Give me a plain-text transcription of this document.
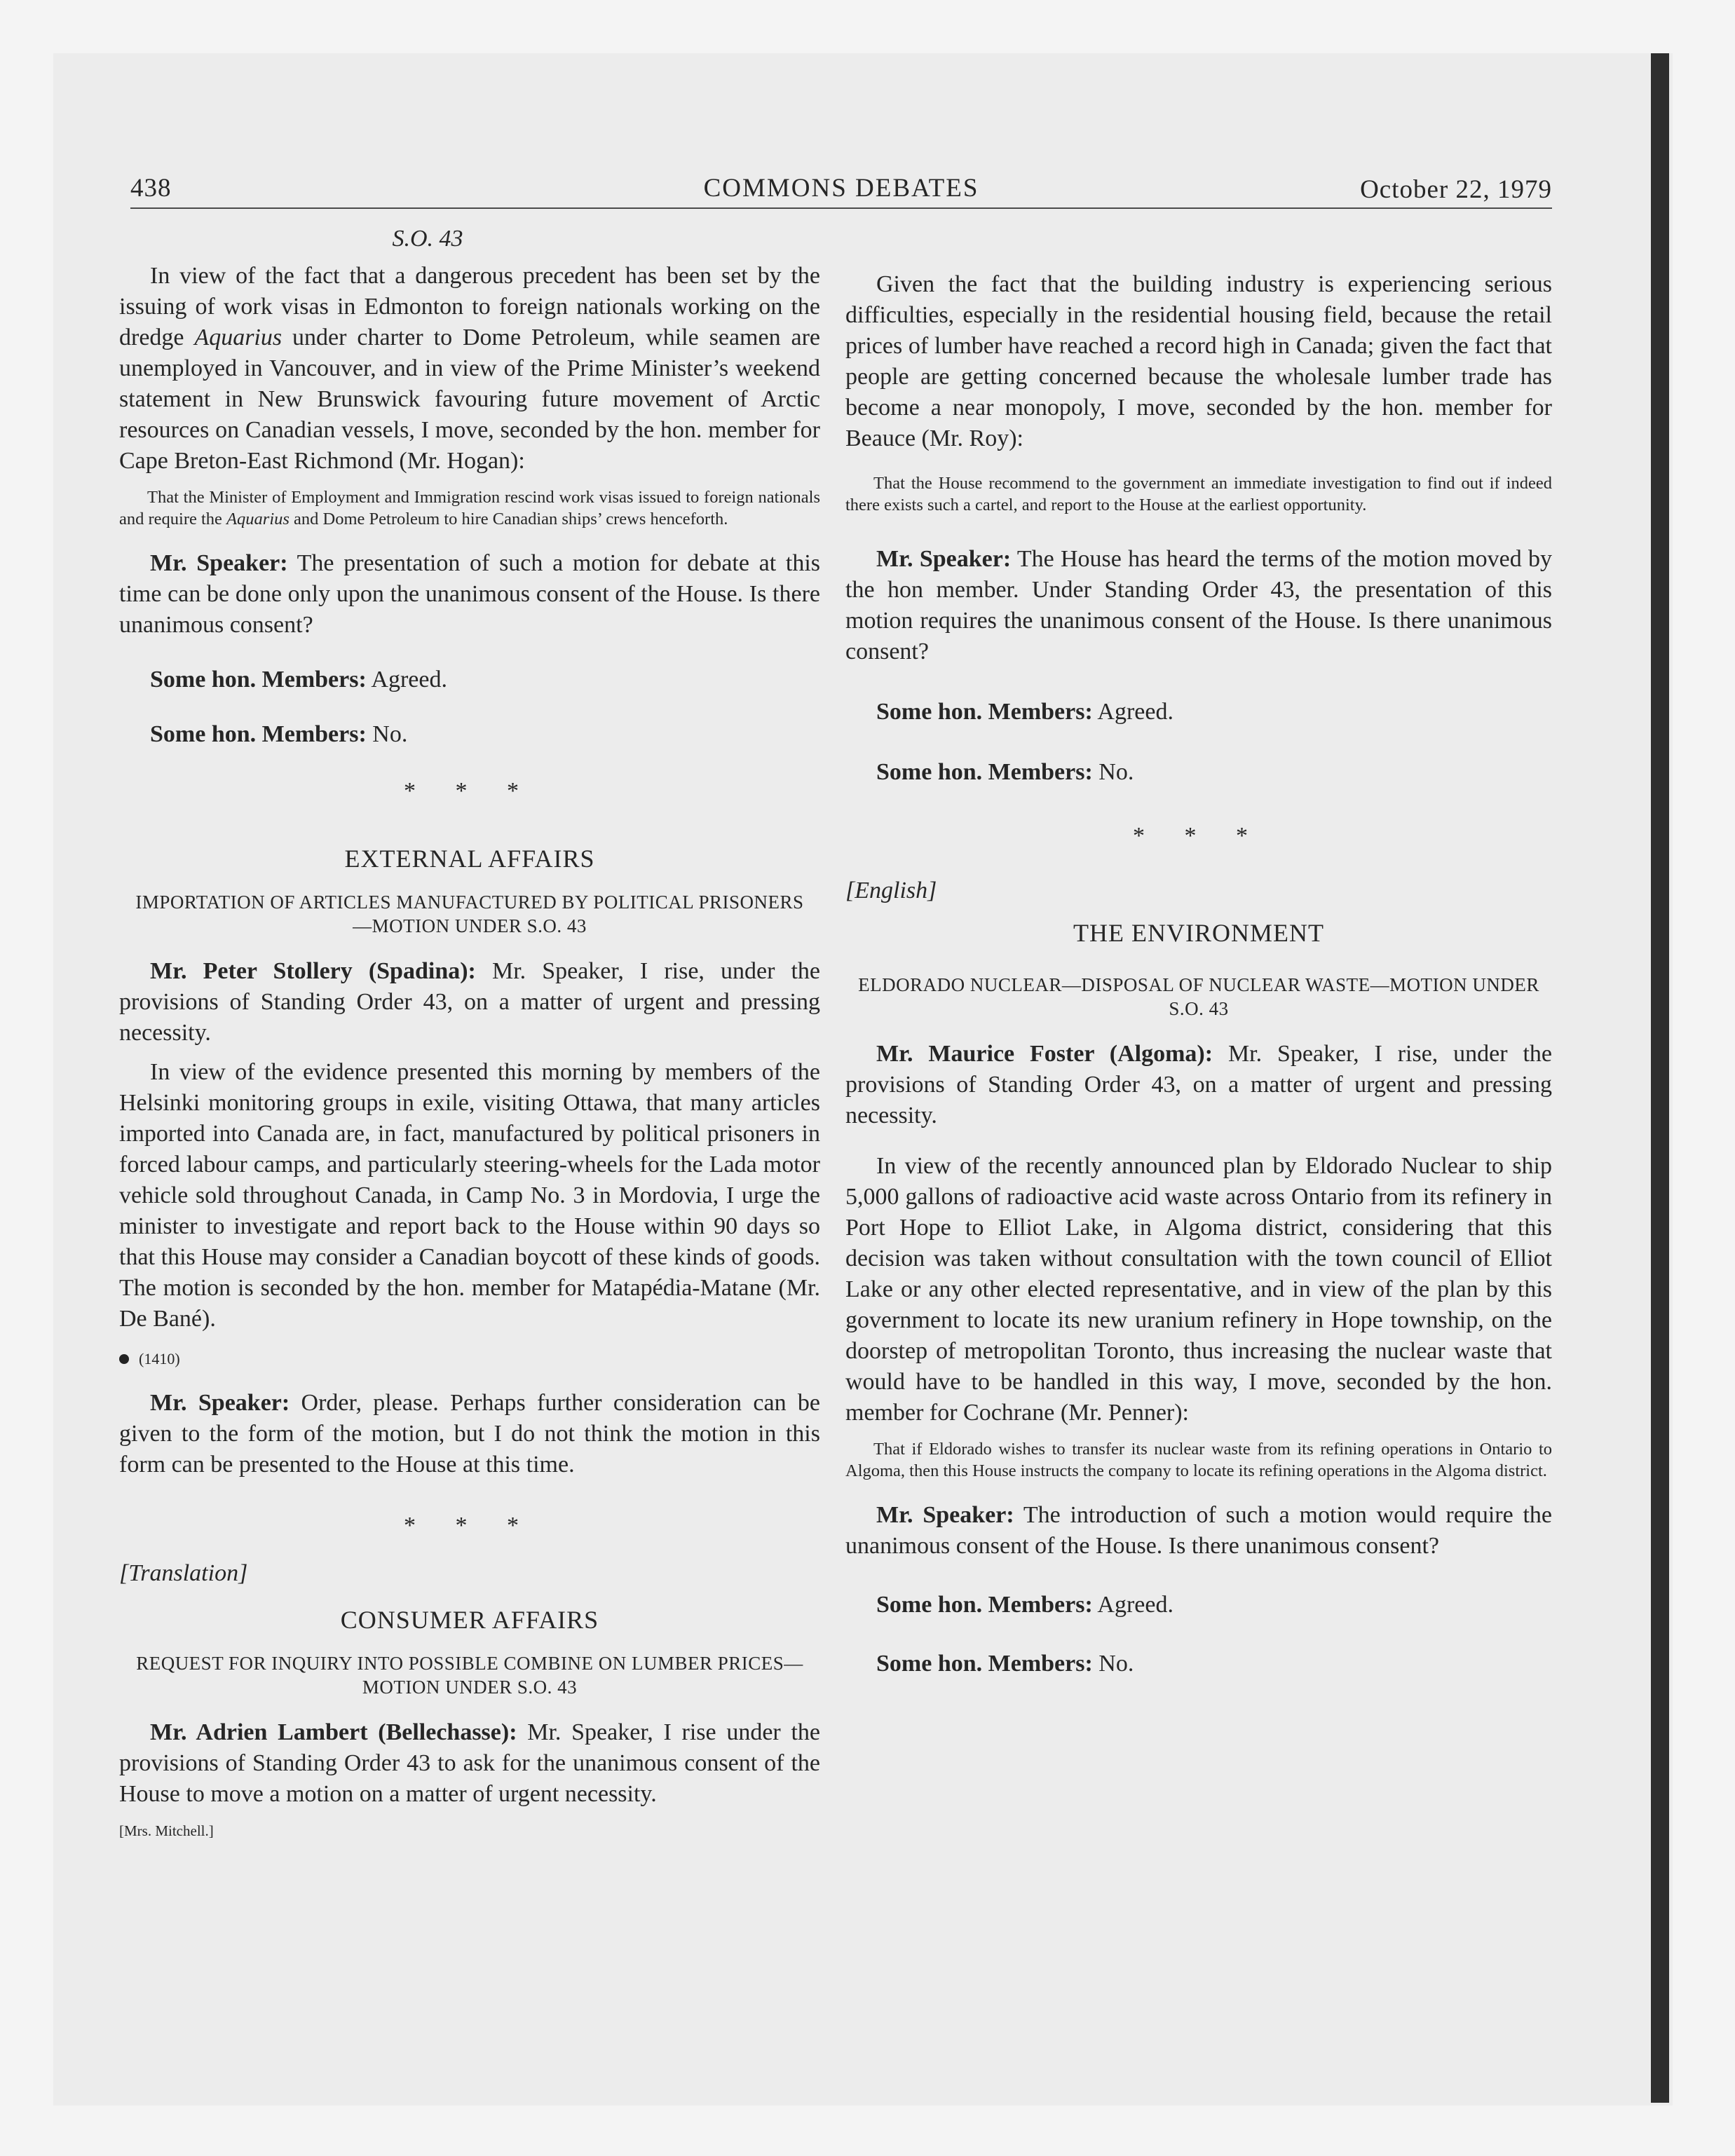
438	COMMONS DEBATES	October 22, 1979

S.O. 43

In view of the fact that a dangerous precedent has been set by the issuing of work visas in Edmonton to foreign nationals working on the dredge Aquarius under charter to Dome Petroleum, while seamen are unemployed in Vancouver, and in view of the Prime Minister’s weekend statement in New Brunswick favouring future movement of Arctic resources on Canadian vessels, I move, seconded by the hon. member for Cape Breton-East Richmond (Mr. Hogan):

That the Minister of Employment and Immigration rescind work visas issued to foreign nationals and require the Aquarius and Dome Petroleum to hire Canadian ships’ crews henceforth.

Mr. Speaker: The presentation of such a motion for debate at this time can be done only upon the unanimous consent of the House. Is there unanimous consent?

Some hon. Members: Agreed.

Some hon. Members: No.

* * *

EXTERNAL AFFAIRS

IMPORTATION OF ARTICLES MANUFACTURED BY POLITICAL PRISONERS—MOTION UNDER S.O. 43

Mr. Peter Stollery (Spadina): Mr. Speaker, I rise, under the provisions of Standing Order 43, on a matter of urgent and pressing necessity.

In view of the evidence presented this morning by members of the Helsinki monitoring groups in exile, visiting Ottawa, that many articles imported into Canada are, in fact, manufactured by political prisoners in forced labour camps, and particularly steering-wheels for the Lada motor vehicle sold throughout Canada, in Camp No. 3 in Mordovia, I urge the minister to investigate and report back to the House within 90 days so that this House may consider a Canadian boycott of these kinds of goods. The motion is seconded by the hon. member for Matapédia-Matane (Mr. De Bané).

(1410)

Mr. Speaker: Order, please. Perhaps further consideration can be given to the form of the motion, but I do not think the motion in this form can be presented to the House at this time.

* * *

[Translation]

CONSUMER AFFAIRS

REQUEST FOR INQUIRY INTO POSSIBLE COMBINE ON LUMBER PRICES—MOTION UNDER S.O. 43

Mr. Adrien Lambert (Bellechasse): Mr. Speaker, I rise under the provisions of Standing Order 43 to ask for the unanimous consent of the House to move a motion on a matter of urgent necessity.

[Mrs. Mitchell.]

Given the fact that the building industry is experiencing serious difficulties, especially in the residential housing field, because the retail prices of lumber have reached a record high in Canada; given the fact that people are getting concerned because the wholesale lumber trade has become a near monopoly, I move, seconded by the hon. member for Beauce (Mr. Roy):

That the House recommend to the government an immediate investigation to find out if indeed there exists such a cartel, and report to the House at the earliest opportunity.

Mr. Speaker: The House has heard the terms of the motion moved by the hon member. Under Standing Order 43, the presentation of this motion requires the unanimous consent of the House. Is there unanimous consent?

Some hon. Members: Agreed.

Some hon. Members: No.

* * *

[English]

THE ENVIRONMENT

ELDORADO NUCLEAR—DISPOSAL OF NUCLEAR WASTE—MOTION UNDER S.O. 43

Mr. Maurice Foster (Algoma): Mr. Speaker, I rise, under the provisions of Standing Order 43, on a matter of urgent and pressing necessity.

In view of the recently announced plan by Eldorado Nuclear to ship 5,000 gallons of radioactive acid waste across Ontario from its refinery in Port Hope to Elliot Lake, in Algoma district, considering that this decision was taken without consultation with the town council of Elliot Lake or any other elected representative, and in view of the plan by this government to locate its new uranium refinery in Hope township, on the doorstep of metropolitan Toronto, thus increasing the nuclear waste that would have to be handled in this way, I move, seconded by the hon. member for Cochrane (Mr. Penner):

That if Eldorado wishes to transfer its nuclear waste from its refining operations in Ontario to Algoma, then this House instructs the company to locate its refining operations in the Algoma district.

Mr. Speaker: The introduction of such a motion would require the unanimous consent of the House. Is there unanimous consent?

Some hon. Members: Agreed.

Some hon. Members: No.
